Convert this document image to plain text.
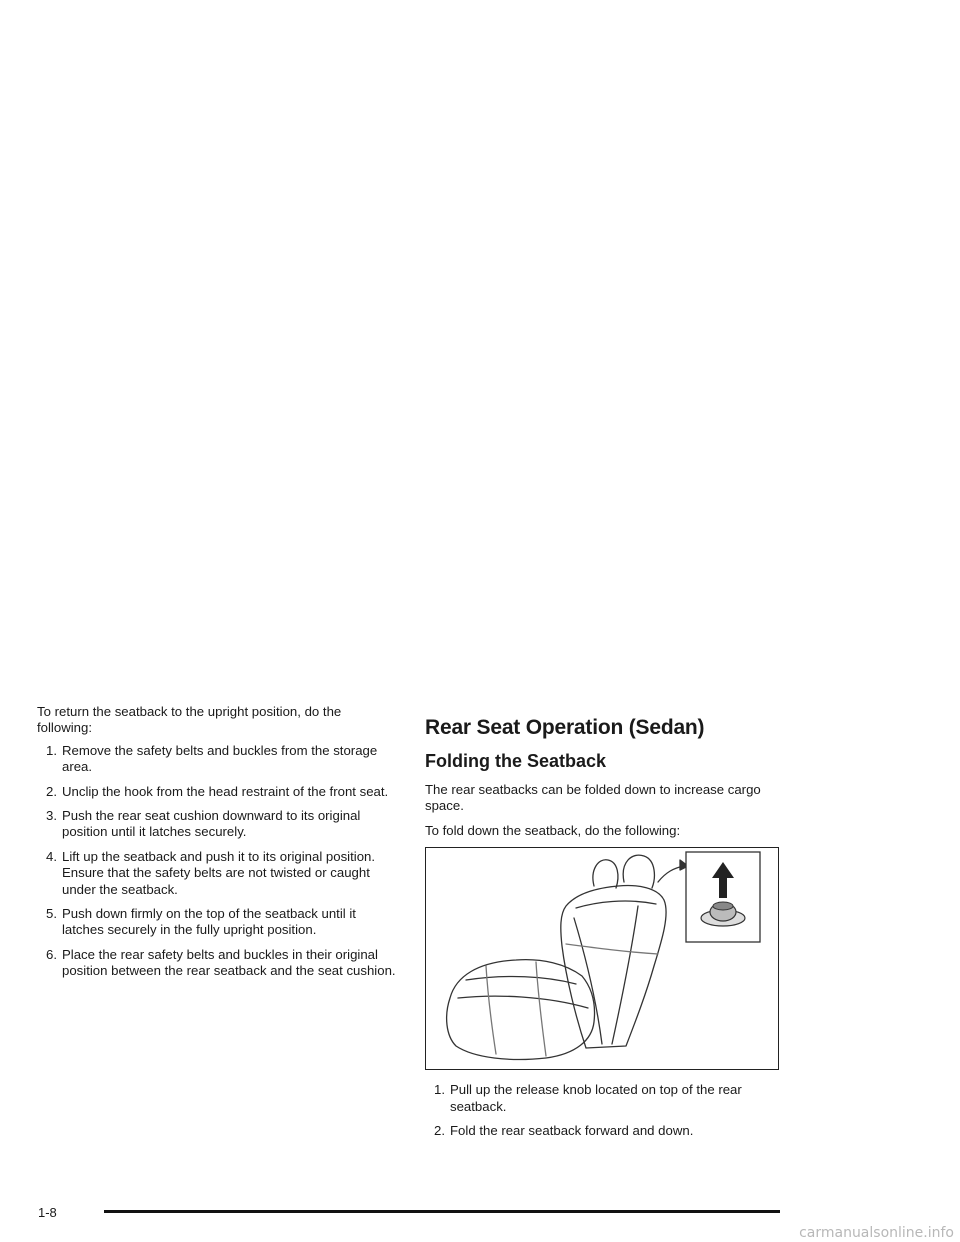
To return the seatback to the upright position, do the following:

1. Remove the safety belts and buckles from the storage area.
2. Unclip the hook from the head restraint of the front seat.
3. Push the rear seat cushion downward to its original position until it latches securely.
4. Lift up the seatback and push it to its original position. Ensure that the safety belts are not twisted or caught under the seatback.
5. Push down firmly on the top of the seatback until it latches securely in the fully upright position.
6. Place the rear safety belts and buckles in their original position between the rear seatback and the seat cushion.
Rear Seat Operation (Sedan)
Folding the Seatback

The rear seatbacks can be folded down to increase cargo space.

To fold down the seatback, do the following:

1. Pull up the release knob located on top of the rear seatback.
2. Fold the rear seatback forward and down.
1-8
carmanualsonline.info
